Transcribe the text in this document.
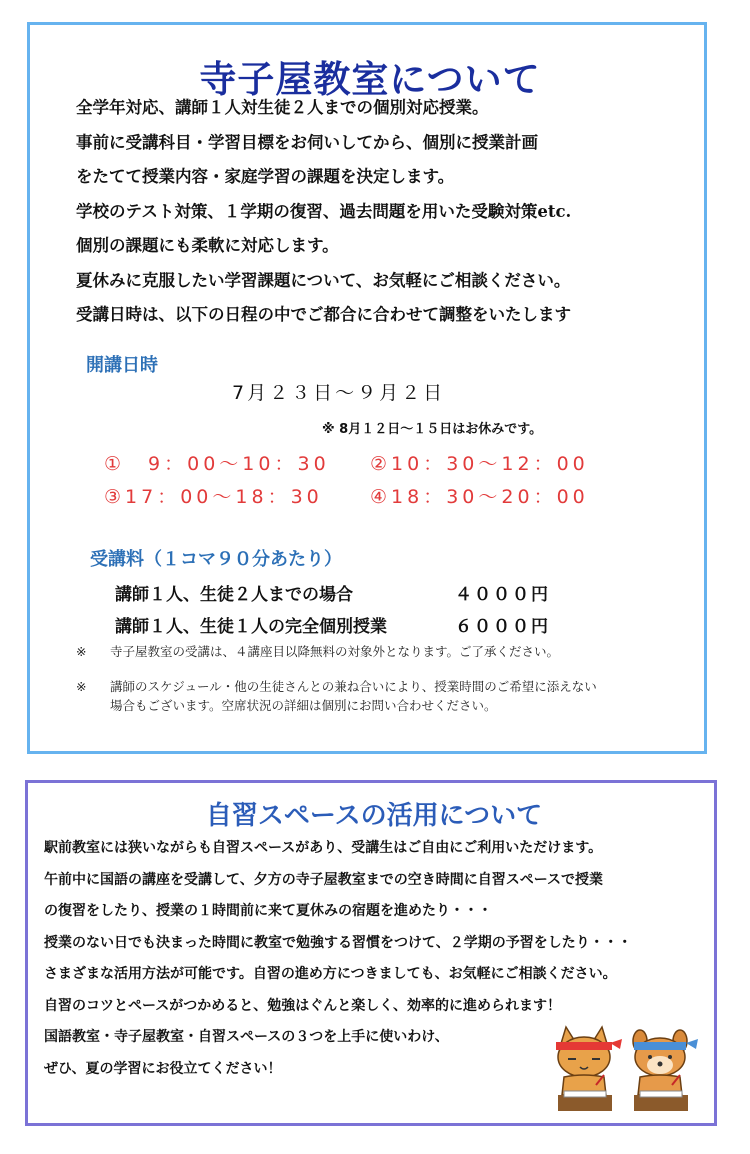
寺子屋教室について
全学年対応、講師１人対生徒２人までの個別対応授業。
事前に受講科目・学習目標をお伺いしてから、個別に授業計画
をたてて授業内容・家庭学習の課題を決定します。
学校のテスト対策、１学期の復習、過去問題を用いた受験対策etc.
個別の課題にも柔軟に対応します。
夏休みに克服したい学習課題について、お気軽にご相談ください。
受講日時は、以下の日程の中でご都合に合わせて調整をいたします
開講日時
7月２３日～９月２日
※ 8月１２日～１５日はお休みです。
①　9：00～10：30 ②10：30～12：00
③17：00～18：30 ④18：30～20：00
受講料（１コマ９０分あたり）
講師１人、生徒２人までの場合	４０００円
講師１人、生徒１人の完全個別授業	６０００円
※ 寺子屋教室の受講は、４講座目以降無料の対象外となります。ご了承ください。
※ 講師のスケジュール・他の生徒さんとの兼ね合いにより、授業時間のご希望に添えない
場合もございます。空席状況の詳細は個別にお問い合わせください。
自習スペースの活用について
駅前教室には狭いながらも自習スペースがあり、受講生はご自由にご利用いただけます。
午前中に国語の講座を受講して、夕方の寺子屋教室までの空き時間に自習スペースで授業
の復習をしたり、授業の１時間前に来て夏休みの宿題を進めたり・・・
授業のない日でも決まった時間に教室で勉強する習慣をつけて、２学期の予習をしたり・・・
さまざまな活用方法が可能です。自習の進め方につきましても、お気軽にご相談ください。
自習のコツとペースがつかめると、勉強はぐんと楽しく、効率的に進められます！
国語教室・寺子屋教室・自習スペースの３つを上手に使いわけ、
ぜひ、夏の学習にお役立てください！
